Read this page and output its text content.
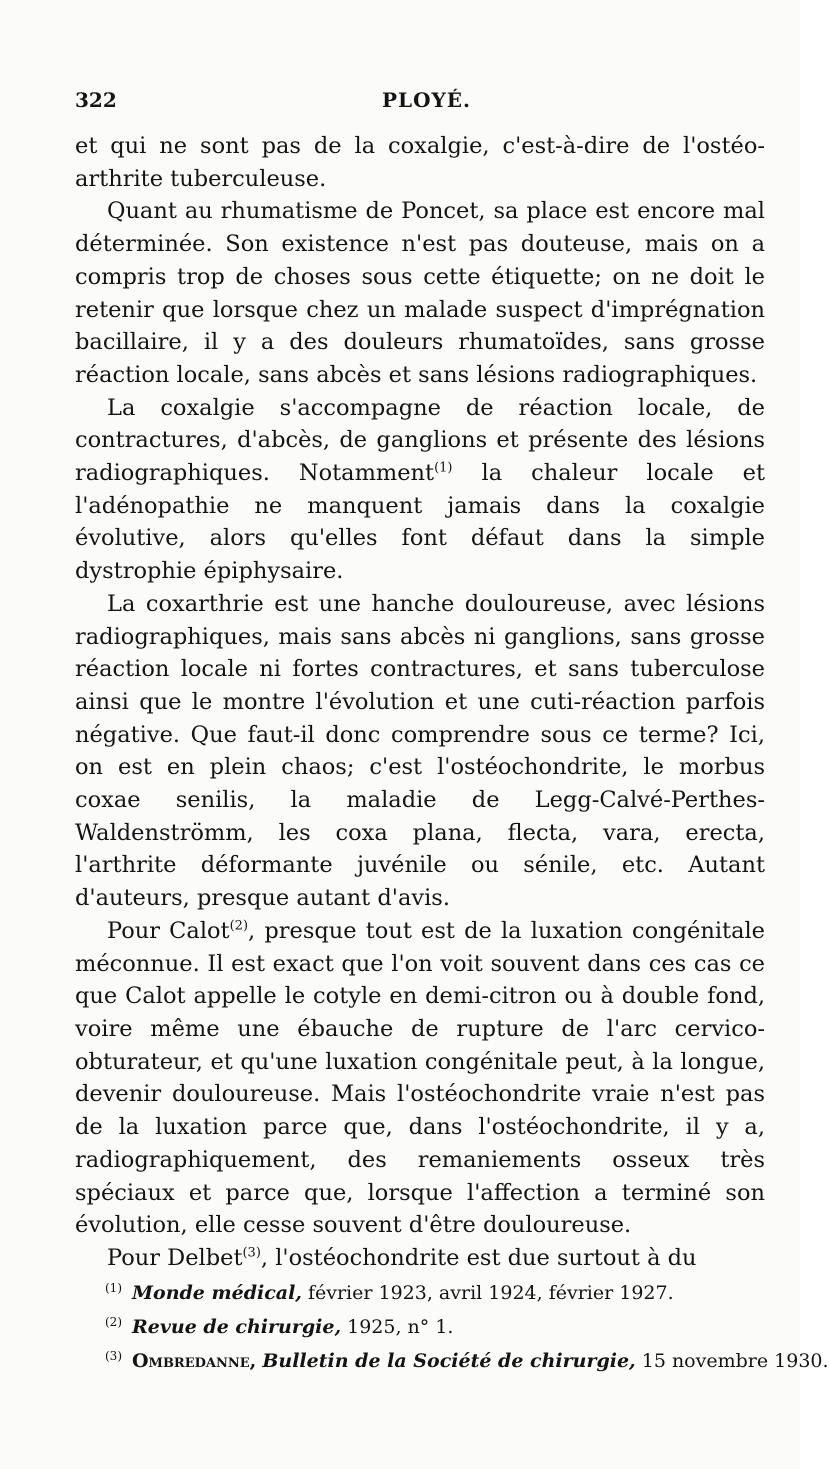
322	PLOYÉ.

et qui ne sont pas de la coxalgie, c'est-à-dire de l'ostéo-arthrite tuberculeuse.

Quant au rhumatisme de Poncet, sa place est encore mal déterminée. Son existence n'est pas douteuse, mais on a compris trop de choses sous cette étiquette; on ne doit le retenir que lorsque chez un malade suspect d'imprégnation bacillaire, il y a des douleurs rhumatoïdes, sans grosse réaction locale, sans abcès et sans lésions radiographiques.

La coxalgie s'accompagne de réaction locale, de contractures, d'abcès, de ganglions et présente des lésions radiographiques. Notamment$^{(1)}$ la chaleur locale et l'adénopathie ne manquent jamais dans la coxalgie évolutive, alors qu'elles font défaut dans la simple dystrophie épiphysaire.

La coxarthrie est une hanche douloureuse, avec lésions radiographiques, mais sans abcès ni ganglions, sans grosse réaction locale ni fortes contractures, et sans tuberculose ainsi que le montre l'évolution et une cuti-réaction parfois négative. Que faut-il donc comprendre sous ce terme? Ici, on est en plein chaos; c'est l'ostéochondrite, le morbus coxae senilis, la maladie de Legg-Calvé-Perthes-Waldenströmm, les coxa plana, flecta, vara, erecta, l'arthrite déformante juvénile ou sénile, etc. Autant d'auteurs, presque autant d'avis.

Pour Calot$^{(2)}$, presque tout est de la luxation congénitale méconnue. Il est exact que l'on voit souvent dans ces cas ce que Calot appelle le cotyle en demi-citron ou à double fond, voire même une ébauche de rupture de l'arc cervico-obturateur, et qu'une luxation congénitale peut, à la longue, devenir douloureuse. Mais l'ostéochondrite vraie n'est pas de la luxation parce que, dans l'ostéochondrite, il y a, radiographiquement, des remaniements osseux très spéciaux et parce que, lorsque l'affection a terminé son évolution, elle cesse souvent d'être douloureuse.

Pour Delbet$^{(3)}$, l'ostéochondrite est due surtout à du

$^{(1)}$ Monde médical, février 1923, avril 1924, février 1927.

$^{(2)}$ Revue de chirurgie, 1925, n° 1.

$^{(3)}$ Ombredanne, Bulletin de la Société de chirurgie, 15 novembre 1930.
